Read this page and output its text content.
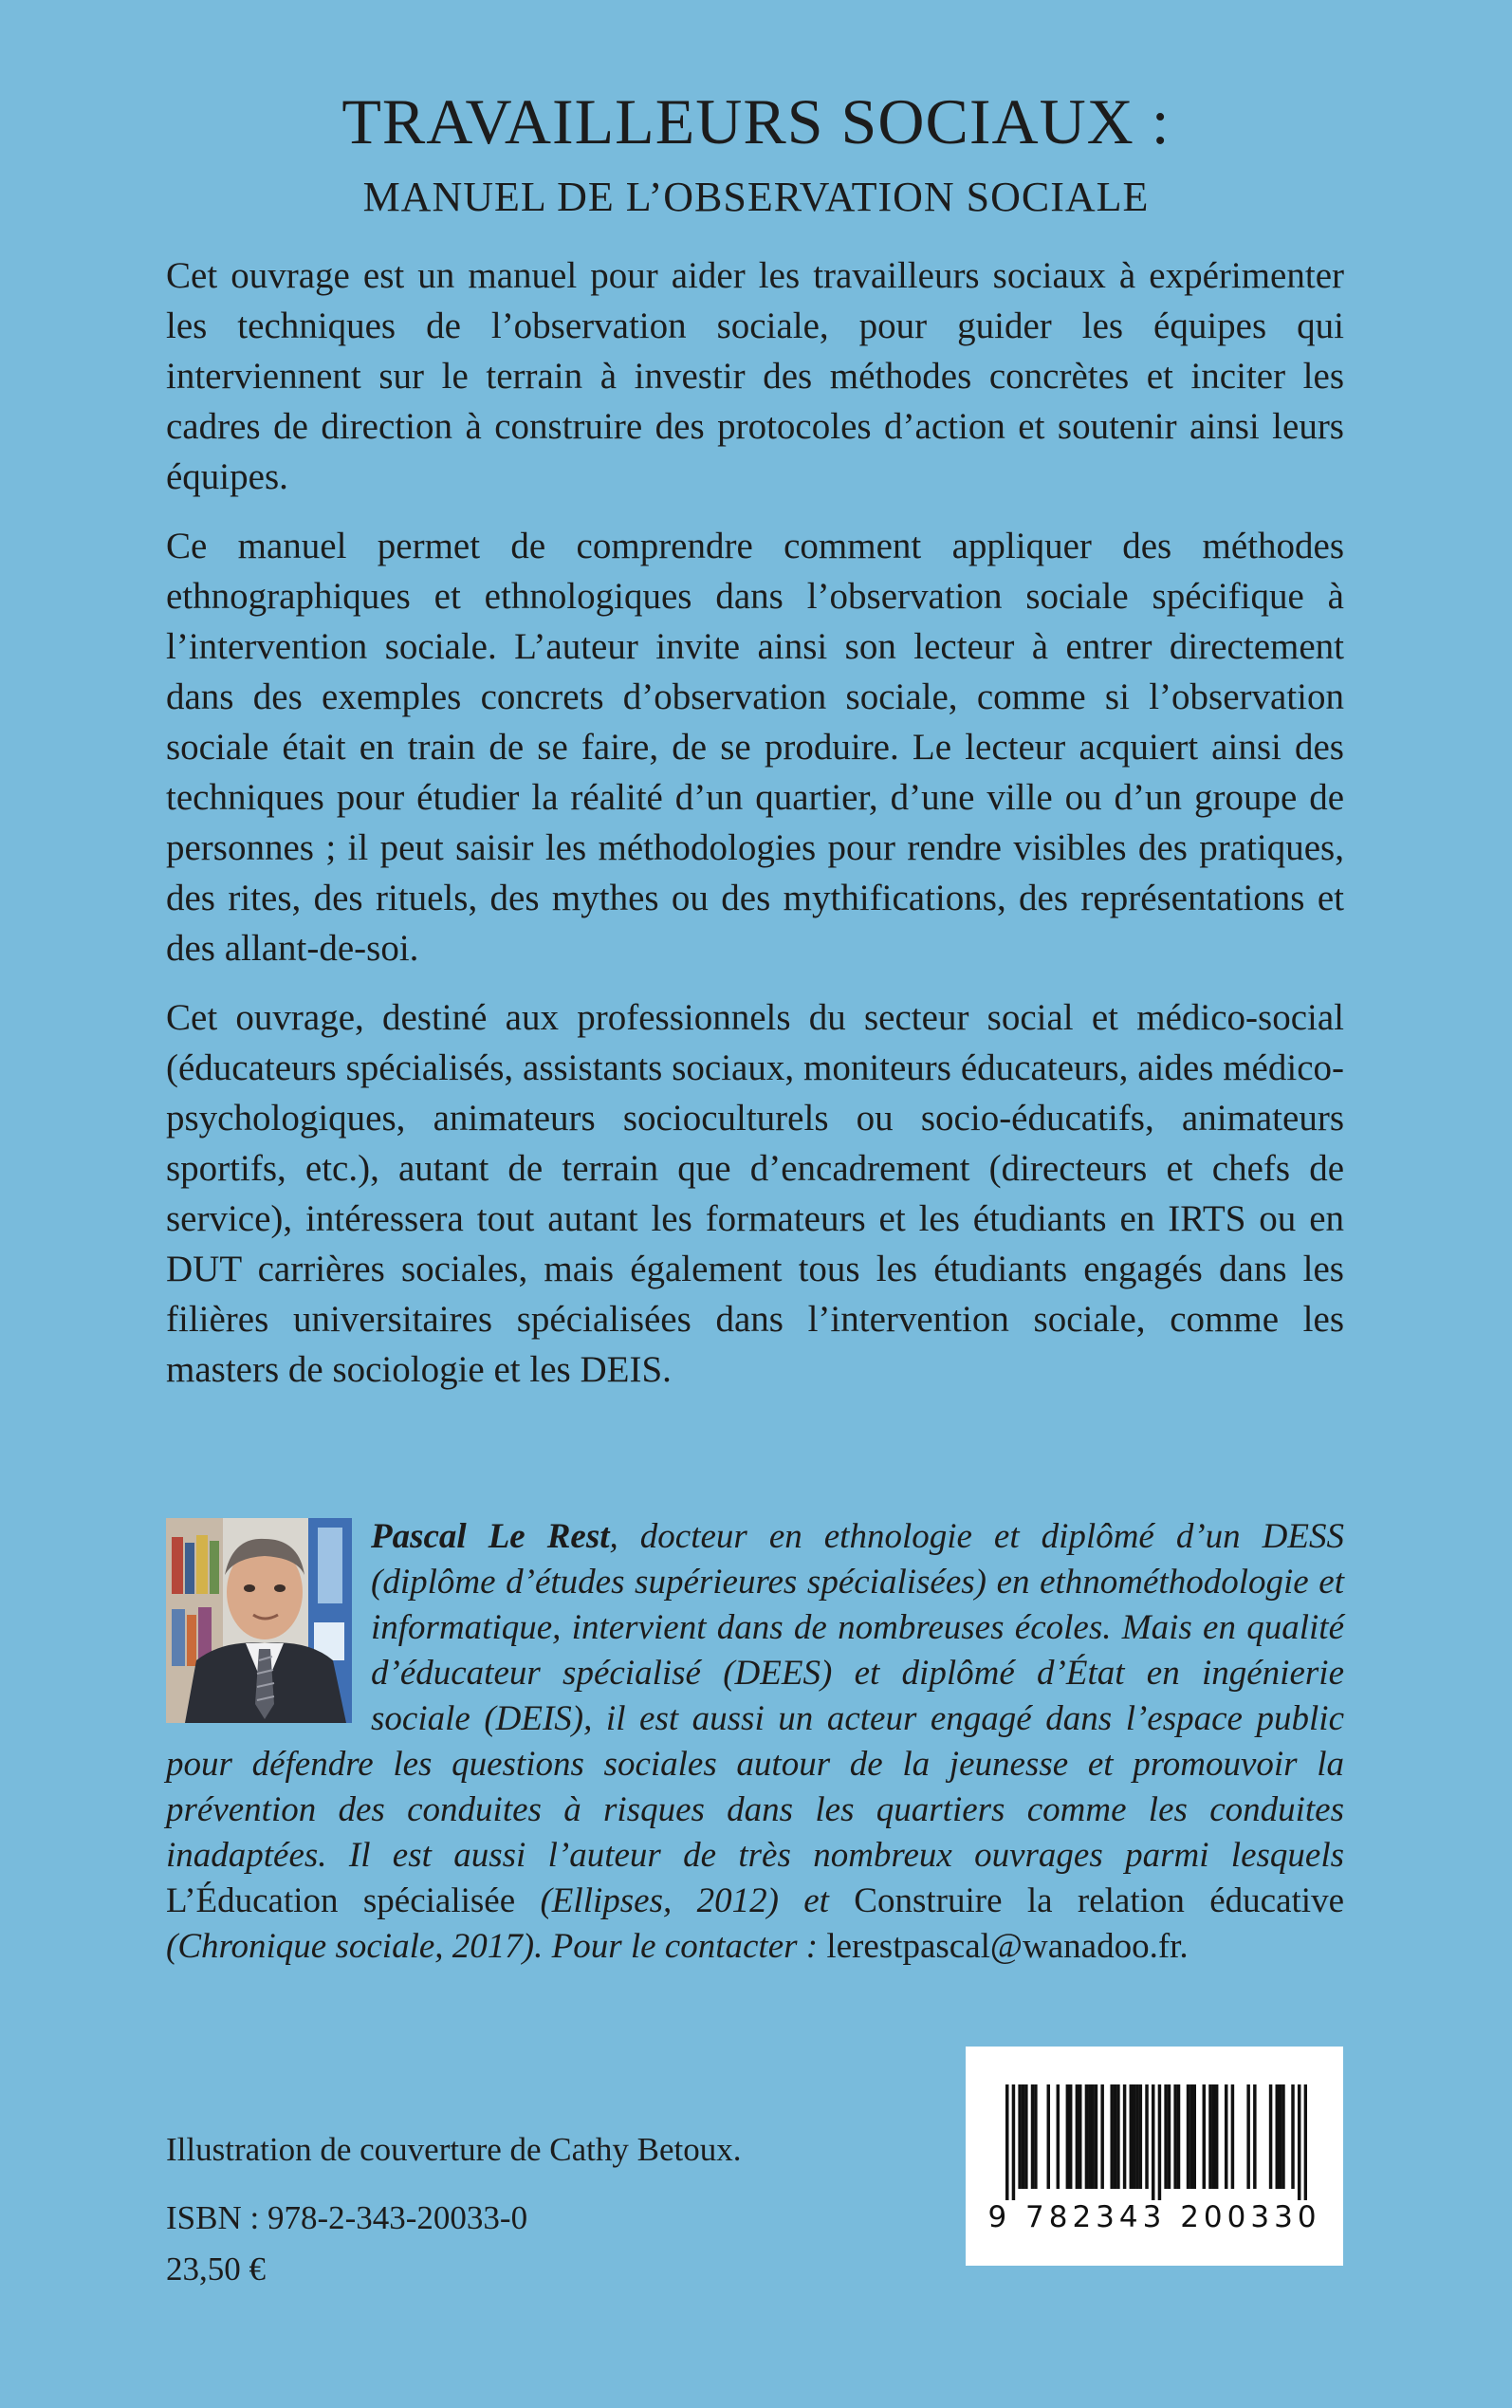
TRAVAILLEURS SOCIAUX :
MANUEL DE L’OBSERVATION SOCIALE

Cet ouvrage est un manuel pour aider les travailleurs sociaux à expérimenter les techniques de l’observation sociale, pour guider les équipes qui interviennent sur le terrain à investir des méthodes concrètes et inciter les cadres de direction à construire des protocoles d’action et soutenir ainsi leurs équipes.

Ce manuel permet de comprendre comment appliquer des méthodes ethnographiques et ethnologiques dans l’observation sociale spécifique à l’intervention sociale. L’auteur invite ainsi son lecteur à entrer directement dans des exemples concrets d’observation sociale, comme si l’observation sociale était en train de se faire, de se produire. Le lecteur acquiert ainsi des techniques pour étudier la réalité d’un quartier, d’une ville ou d’un groupe de personnes ; il peut saisir les méthodologies pour rendre visibles des pratiques, des rites, des rituels, des mythes ou des mythifications, des représentations et des allant-de-soi.

Cet ouvrage, destiné aux professionnels du secteur social et médico-social (éducateurs spécialisés, assistants sociaux, moniteurs éducateurs, aides médico-psychologiques, animateurs socioculturels ou socio-éducatifs, animateurs sportifs, etc.), autant de terrain que d’encadrement (directeurs et chefs de service), intéressera tout autant les formateurs et les étudiants en IRTS ou en DUT carrières sociales, mais également tous les étudiants engagés dans les filières universitaires spécialisées dans l’intervention sociale, comme les masters de sociologie et les DEIS.

Pascal Le Rest, docteur en ethnologie et diplômé d’un DESS (diplôme d’études supérieures spécialisées) en ethnométhodologie et informatique, intervient dans de nombreuses écoles. Mais en qualité d’éducateur spécialisé (DEES) et diplômé d’État en ingénierie sociale (DEIS), il est aussi un acteur engagé dans l’espace public pour défendre les questions sociales autour de la jeunesse et promouvoir la prévention des conduites à risques dans les quartiers comme les conduites inadaptées. Il est aussi l’auteur de très nombreux ouvrages parmi lesquels L’Éducation spécialisée (Ellipses, 2012) et Construire la relation éducative (Chronique sociale, 2017). Pour le contacter : lerestpascal@wanadoo.fr.
Illustration de couverture de Cathy Betoux.
ISBN : 978-2-343-20033-0
23,50 €
9 782343 200330
